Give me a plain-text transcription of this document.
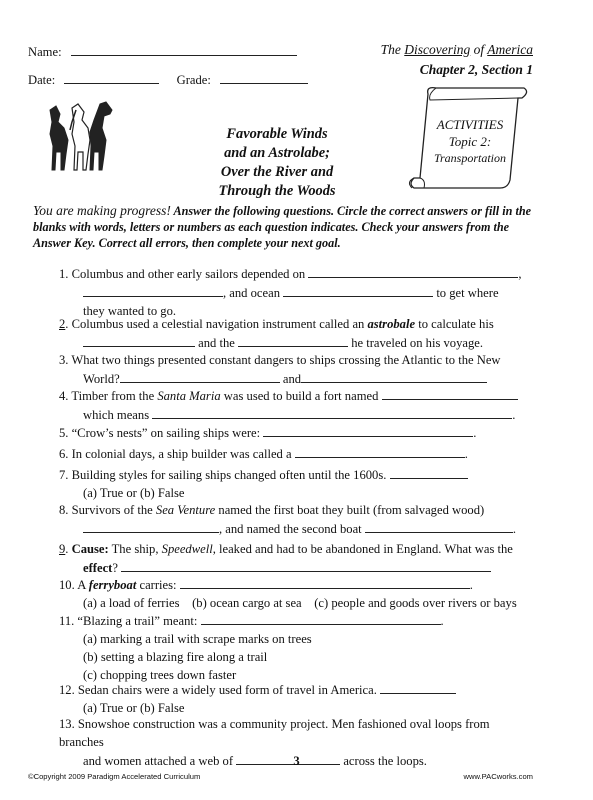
Name:
Date:	Grade:
The Discovering of America
Chapter 2, Section 1
Favorable Winds
and an Astrolabe;
Over the River and
Through the Woods
ACTIVITIES
Topic 2:
Transportation
You are making progress! Answer the following questions. Circle the correct answers or fill in the blanks with words, letters or numbers as each question indicates. Check your answers from the Answer Key. Correct all errors, then complete your next goal.
1. Columbus and other early sailors depended on	,
, and ocean	to get where
they wanted to go.
2. Columbus used a celestial navigation instrument called an astrobale to calculate his
and the	he traveled on his voyage.
3. What two things presented constant dangers to ships crossing the Atlantic to the New
World?	and
4. Timber from the Santa Maria was used to build a fort named
which means	.
5. “Crow’s nests” on sailing ships were:	.
6. In colonial days, a ship builder was called a	.
7. Building styles for sailing ships changed often until the 1600s.
(a) True or (b) False
8. Survivors of the Sea Venture named the first boat they built (from salvaged wood)
, and named the second boat	.
9. Cause: The ship, Speedwell, leaked and had to be abandoned in England. What was the
effect?
10. A ferryboat carries:	.
(a) a load of ferries    (b) ocean cargo at sea    (c) people and goods over rivers or bays
11. “Blazing a trail” meant:	.
(a) marking a trail with scrape marks on trees
(b) setting a blazing fire along a trail
(c) chopping trees down faster
12. Sedan chairs were a widely used form of travel in America.
(a) True or (b) False
13. Snowshoe construction was a community project. Men fashioned oval loops from branches
and women attached a web of	across the loops.
3
©Copyright 2009 Paradigm Accelerated Curriculum	www.PACworks.com
